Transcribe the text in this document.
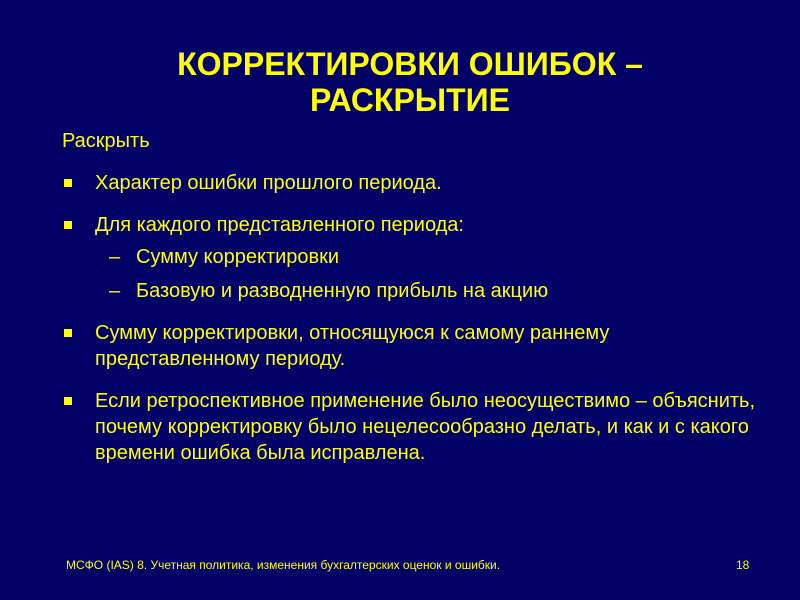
КОРРЕКТИРОВКИ ОШИБОК –
РАСКРЫТИЕ
Раскрыть
Характер ошибки прошлого периода.
Для каждого представленного периода:
– Сумму корректировки
– Базовую и разводненную прибыль на акцию
Сумму корректировки, относящуюся к самому раннему представленному периоду.
Если ретроспективное применение было неосуществимо – объяснить, почему корректировку было нецелесообразно делать, и как и с какого времени ошибка была исправлена.
МСФО (IAS) 8. Учетная политика, изменения бухгалтерских оценок и ошибки.	18
